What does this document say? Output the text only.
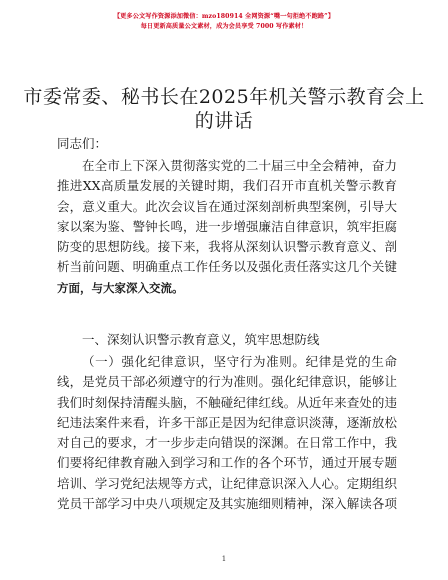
【更多公文写作资源添加微信：mzo180914 全网资源“嘴一句拒绝不跑路”】
每日更新高质量公文素材，成为会员享受 7000 写作素材！
市委常委、秘书长在2025年机关警示教育会上
的讲话
同志们：
在全市上下深入贯彻落实党的二十届三中全会精神，奋力
推进XX高质量发展的关键时期，我们召开市直机关警示教育
会，意义重大。此次会议旨在通过深刻剖析典型案例，引导大
家以案为鉴、警钟长鸣，进一步增强廉洁自律意识，筑牢拒腐
防变的思想防线。接下来，我将从深刻认识警示教育意义、剖
析当前问题、明确重点工作任务以及强化责任落实这几个关键
方面，与大家深入交流。
一、深刻认识警示教育意义，筑牢思想防线
（一）强化纪律意识，坚守行为准则。纪律是党的生命
线，是党员干部必须遵守的行为准则。强化纪律意识，能够让
我们时刻保持清醒头脑，不触碰纪律红线。从近年来查处的违
纪违法案件来看，许多干部正是因为纪律意识淡薄，逐渐放松
对自己的要求，才一步步走向错误的深渊。在日常工作中，我
们要将纪律教育融入到学习和工作的各个环节，通过开展专题
培训、学习党纪法规等方式，让纪律意识深入人心。定期组织
党员干部学习中央八项规定及其实施细则精神，深入解读各项
1
